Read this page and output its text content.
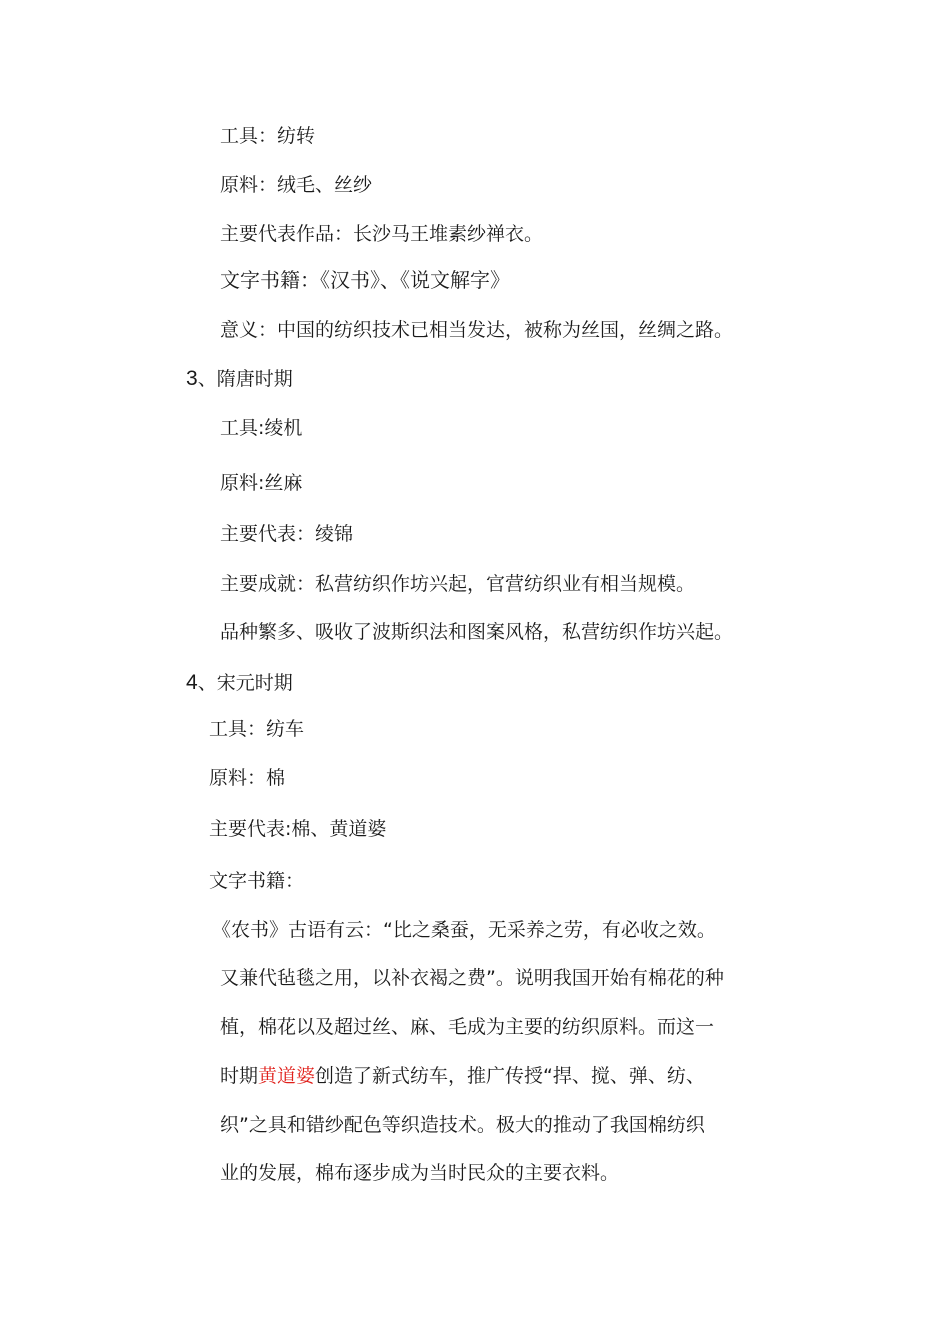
工具：纺转

原料：绒毛、丝纱

主要代表作品：长沙马王堆素纱禅衣。

文字书籍：《汉书》、《说文解字》

意义：中国的纺织技术已相当发达，被称为丝国，丝绸之路。

3、隋唐时期

工具:绫机

原料:丝麻

主要代表：绫锦

主要成就：私营纺织作坊兴起，官营纺织业有相当规模。

品种繁多、吸收了波斯织法和图案风格，私营纺织作坊兴起。

4、宋元时期

工具：纺车

原料：棉

主要代表:棉、黄道婆

文字书籍：

《农书》古语有云：“比之桑蚕，无采养之劳，有必收之效。

又兼代毡毯之用，以补衣褐之费”。说明我国开始有棉花的种

植，棉花以及超过丝、麻、毛成为主要的纺织原料。而这一

时期黄道婆创造了新式纺车，推广传授“捍、搅、弹、纺、

织”之具和错纱配色等织造技术。极大的推动了我国棉纺织

业的发展，棉布逐步成为当时民众的主要衣料。
